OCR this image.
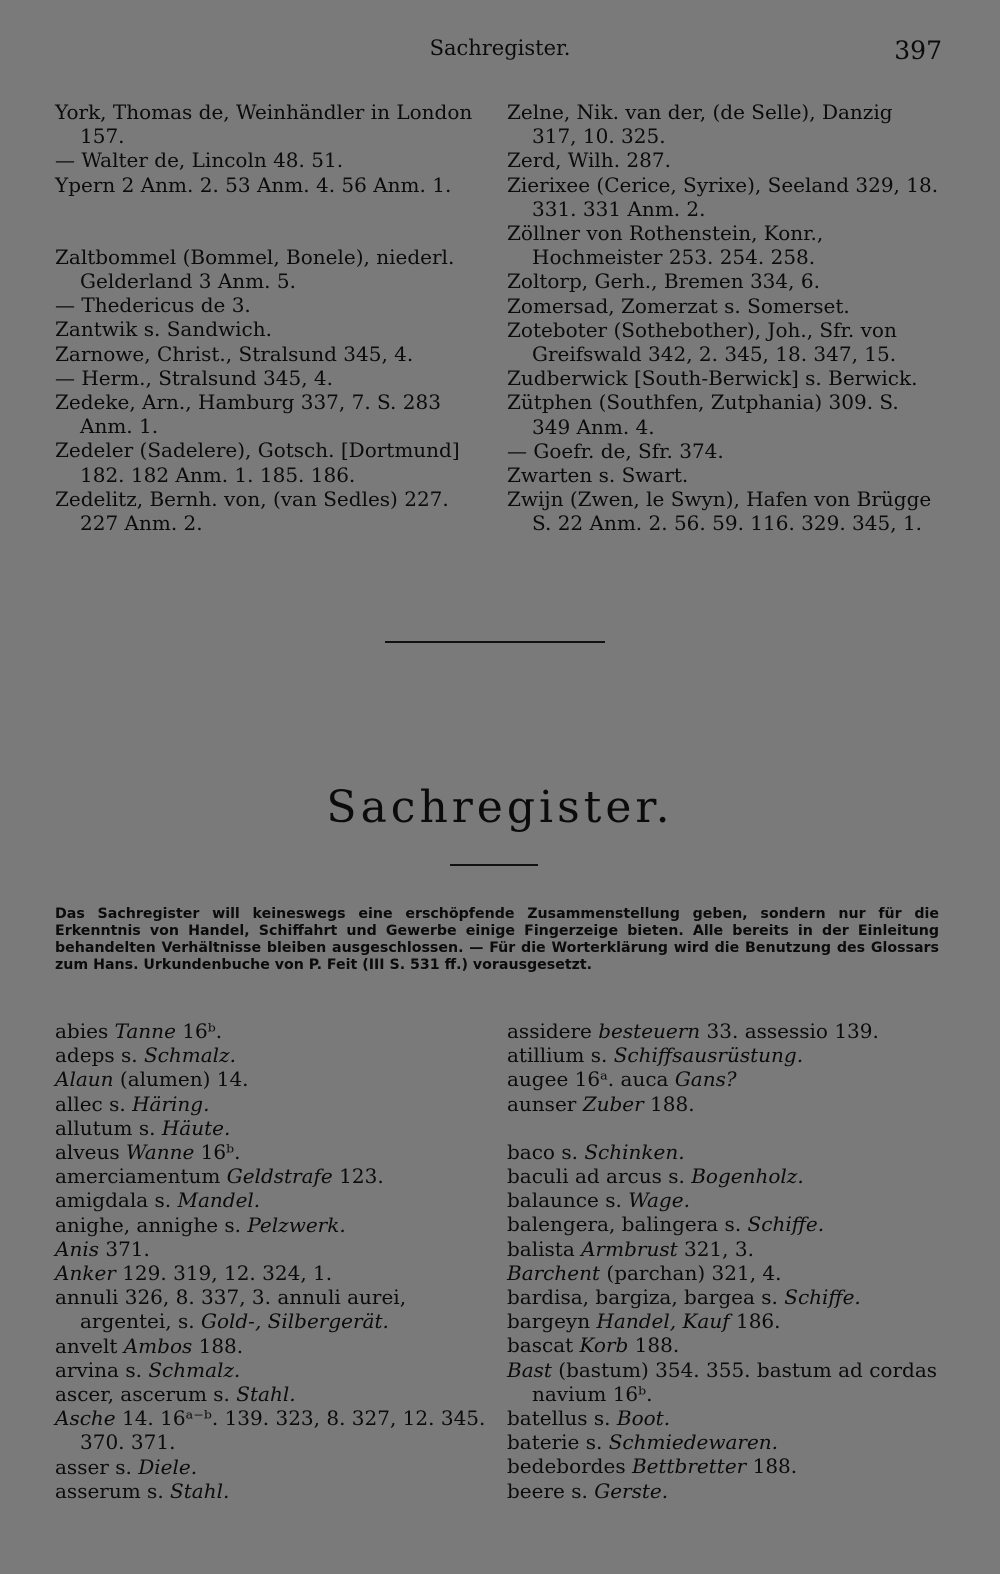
Sachregister.	397
York, Thomas de, Weinhändler in London 157.
— Walter de, Lincoln 48. 51.
Ypern 2 Anm. 2. 53 Anm. 4. 56 Anm. 1.
Zaltbommel (Bommel, Bonele), niederl. Gelderland 3 Anm. 5.
— Thedericus de 3.
Zantwik s. Sandwich.
Zarnowe, Christ., Stralsund 345, 4.
— Herm., Stralsund 345, 4.
Zedeke, Arn., Hamburg 337, 7. S. 283 Anm. 1.
Zedeler (Sadelere), Gotsch. [Dortmund] 182. 182 Anm. 1. 185. 186.
Zedelitz, Bernh. von, (van Sedles) 227. 227 Anm. 2.
Zelne, Nik. van der, (de Selle), Danzig 317, 10. 325.
Zerd, Wilh. 287.
Zierixee (Cerice, Syrixe), Seeland 329, 18. 331. 331 Anm. 2.
Zöllner von Rothenstein, Konr., Hochmeister 253. 254. 258.
Zoltorp, Gerh., Bremen 334, 6.
Zomersad, Zomerzat s. Somerset.
Zoteboter (Sothebother), Joh., Sfr. von Greifswald 342, 2. 345, 18. 347, 15.
Zudberwick [South-Berwick] s. Berwick.
Zütphen (Southfen, Zutphania) 309. S. 349 Anm. 4.
— Goefr. de, Sfr. 374.
Zwarten s. Swart.
Zwijn (Zwen, le Swyn), Hafen von Brügge S. 22 Anm. 2. 56. 59. 116. 329. 345, 1.
Sachregister.
Das Sachregister will keineswegs eine erschöpfende Zusammenstellung geben, sondern nur für die Erkenntnis von Handel, Schiffahrt und Gewerbe einige Fingerzeige bieten. Alle bereits in der Einleitung behandelten Verhältnisse bleiben ausgeschlossen. — Für die Worterklärung wird die Benutzung des Glossars zum Hans. Urkundenbuche von P. Feit (III S. 531 ff.) vorausgesetzt.
abies Tanne 16ᵇ.
adeps s. Schmalz.
Alaun (alumen) 14.
allec s. Häring.
allutum s. Häute.
alveus Wanne 16ᵇ.
amerciamentum Geldstrafe 123.
amigdala s. Mandel.
anighe, annighe s. Pelzwerk.
Anis 371.
Anker 129. 319, 12. 324, 1.
annuli 326, 8. 337, 3. annuli aurei, argentei, s. Gold-, Silbergerät.
anvelt Ambos 188.
arvina s. Schmalz.
ascer, ascerum s. Stahl.
Asche 14. 16ᵃ⁻ᵇ. 139. 323, 8. 327, 12. 345. 370. 371.
asser s. Diele.
asserum s. Stahl.
assidere besteuern 33. assessio 139.
atillium s. Schiffsausrüstung.
augee 16ᵃ. auca Gans?
aunser Zuber 188.
baco s. Schinken.
baculi ad arcus s. Bogenholz.
balaunce s. Wage.
balengera, balingera s. Schiffe.
balista Armbrust 321, 3.
Barchent (parchan) 321, 4.
bardisa, bargiza, bargea s. Schiffe.
bargeyn Handel, Kauf 186.
bascat Korb 188.
Bast (bastum) 354. 355. bastum ad cordas navium 16ᵇ.
batellus s. Boot.
baterie s. Schmiedewaren.
bedebordes Bettbretter 188.
beere s. Gerste.
